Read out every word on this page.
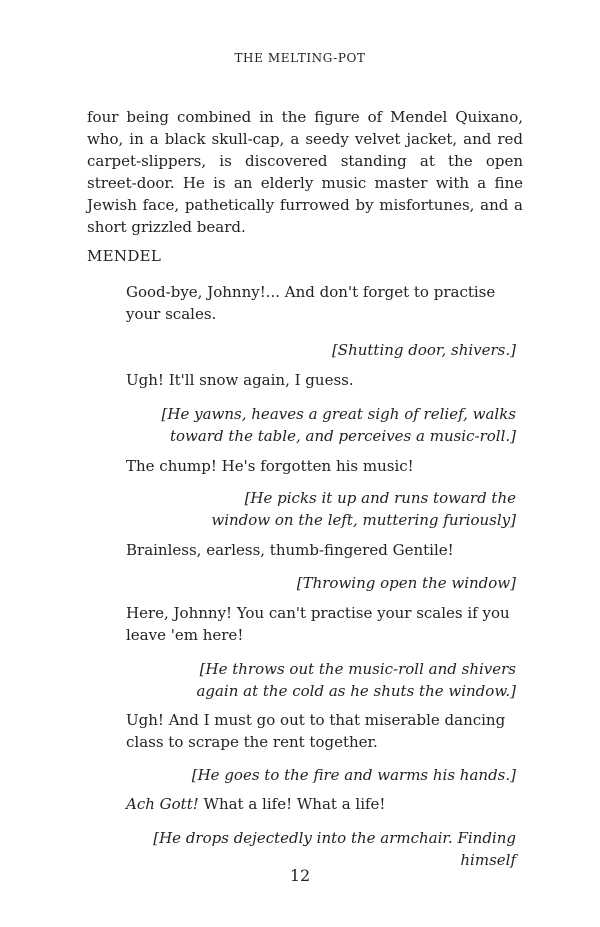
THE MELTING-POT

four being combined in the figure of Mendel Quixano, who, in a black skull-cap, a seedy velvet jacket, and red carpet-slippers, is discovered standing at the open street-door. He is an elderly music master with a fine Jewish face, pathetically furrowed by misfortunes, and a short grizzled beard.

MENDEL

Good-bye, Johnny!... And don't forget to practise your scales.

[Shutting door, shivers.]

Ugh! It'll snow again, I guess.

[He yawns, heaves a great sigh of relief, walks
toward the table, and perceives a music-roll.]

The chump! He's forgotten his music!

[He picks it up and runs toward the
window on the left, muttering furiously]

Brainless, earless, thumb-fingered Gentile!

[Throwing open the window]

Here, Johnny! You can't practise your scales if you leave 'em here!

[He throws out the music-roll and shivers
again at the cold as he shuts the window.]

Ugh! And I must go out to that miserable dancing class to scrape the rent together.

[He goes to the fire and warms his hands.]

Ach Gott! What a life! What a life!

[He drops dejectedly into the armchair. Finding himself

12
